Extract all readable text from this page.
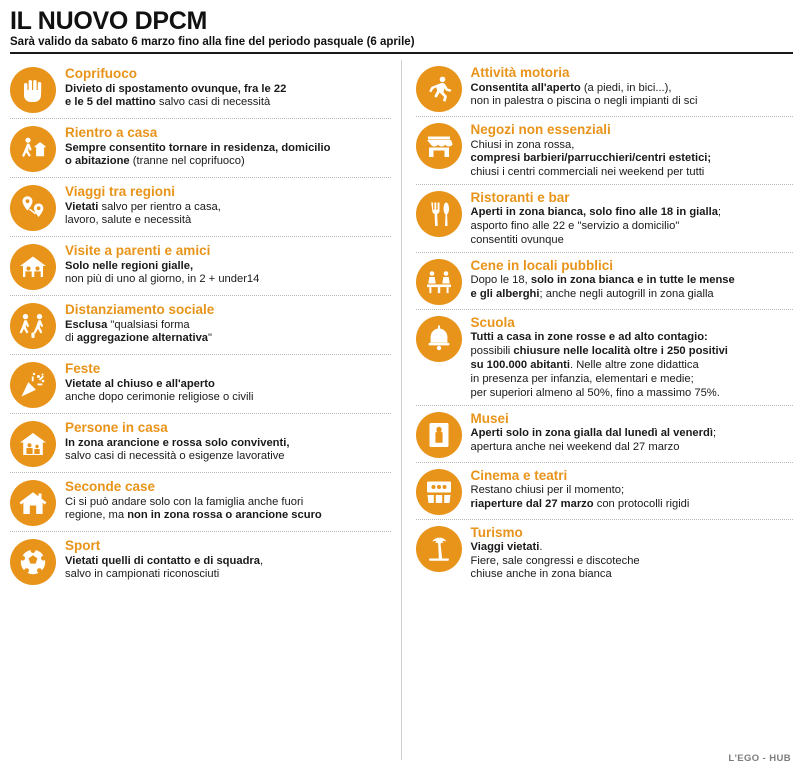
IL NUOVO DPCM

Sarà valido da sabato 6 marzo fino alla fine del periodo pasquale (6 aprile)

Coprifuoco
Divieto di spostamento ovunque, fra le 22
e le 5 del mattino salvo casi di necessità
Rientro a casa
Sempre consentito tornare in residenza, domicilio
o abitazione (tranne nel coprifuoco)
Viaggi tra regioni
Vietati salvo per rientro a casa,
lavoro, salute e necessità
Visite a parenti e amici
Solo nelle regioni gialle,
non più di uno al giorno, in 2 + under14
Distanziamento sociale
Esclusa "qualsiasi forma
di aggregazione alternativa"
Feste
Vietate al chiuso e all'aperto
anche dopo cerimonie religiose o civili
Persone in casa
In zona arancione e rossa solo conviventi,
salvo casi di necessità o esigenze lavorative
Seconde case
Ci si può andare solo con la famiglia anche fuori
regione, ma non in zona rossa o arancione scuro
Sport
Vietati quelli di contatto e di squadra,
salvo in campionati riconosciuti
Attività motoria
Consentita all'aperto (a piedi, in bici...),
non in palestra o piscina o negli impianti di sci
Negozi non essenziali
Chiusi in zona rossa,
compresi barbieri/parrucchieri/centri estetici;
chiusi i centri commerciali nei weekend per tutti
Ristoranti e bar
Aperti in zona bianca, solo fino alle 18 in gialla;
asporto fino alle 22 e "servizio a domicilio"
consentiti ovunque
Cene in locali pubblici
Dopo le 18, solo in zona bianca e in tutte le mense
e gli alberghi; anche negli autogrill in zona gialla
Scuola
Tutti a casa in zone rosse e ad alto contagio:
possibili chiusure nelle località oltre i 250 positivi
su 100.000 abitanti. Nelle altre zone didattica
in presenza per infanzia, elementari e medie;
per superiori almeno al 50%, fino a massimo 75%.
Musei
Aperti solo in zona gialla dal lunedì al venerdì;
apertura anche nei weekend dal 27 marzo
Cinema e teatri
Restano chiusi per il momento;
riaperture dal 27 marzo con protocolli rigidi
Turismo
Viaggi vietati.
Fiere, sale congressi e discoteche
chiuse anche in zona bianca
L'EGO - HUB
